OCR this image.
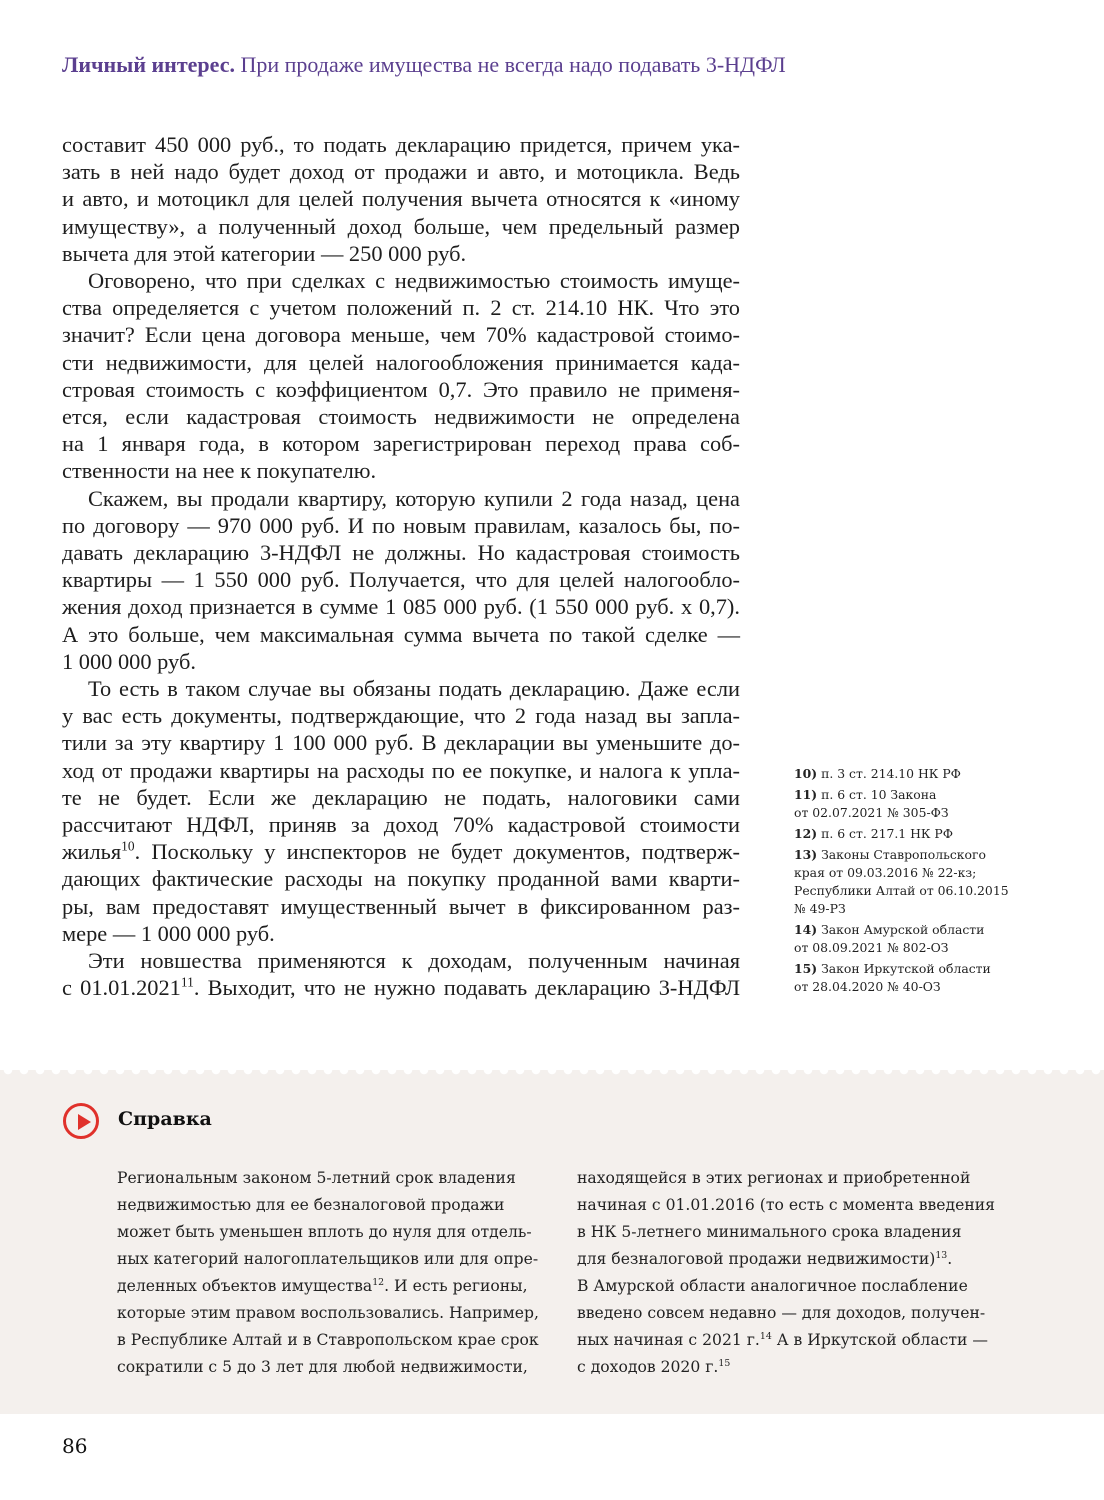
Личный интерес. При продаже имущества не всегда надо подавать 3-НДФЛ

составит 450 000 руб., то подать декларацию придется, причем ука-
зать в ней надо будет доход от продажи и авто, и мотоцикла. Ведь
и авто, и мотоцикл для целей получения вычета относятся к «иному
имуществу», а полученный доход больше, чем предельный размер
вычета для этой категории — 250 000 руб.

Оговорено, что при сделках с недвижимостью стоимость имуще-
ства определяется с учетом положений п. 2 ст. 214.10 НК. Что это
значит? Если цена договора меньше, чем 70% кадастровой стоимо-
сти недвижимости, для целей налогообложения принимается када-
стровая стоимость с коэффициентом 0,7. Это правило не применя-
ется, если кадастровая стоимость недвижимости не определена
на 1 января года, в котором зарегистрирован переход права соб-
ственности на нее к покупателю.

Скажем, вы продали квартиру, которую купили 2 года назад, цена
по договору — 970 000 руб. И по новым правилам, казалось бы, по-
давать декларацию 3-НДФЛ не должны. Но кадастровая стоимость
квартиры — 1 550 000 руб. Получается, что для целей налогообло-
жения доход признается в сумме 1 085 000 руб. (1 550 000 руб. х 0,7).
А это больше, чем максимальная сумма вычета по такой сделке —
1 000 000 руб.

То есть в таком случае вы обязаны подать декларацию. Даже если
у вас есть документы, подтверждающие, что 2 года назад вы запла-
тили за эту квартиру 1 100 000 руб. В декларации вы уменьшите до-
ход от продажи квартиры на расходы по ее покупке, и налога к упла-
те не будет. Если же декларацию не подать, налоговики сами
рассчитают НДФЛ, приняв за доход 70% кадастровой стоимости
жилья$^{10}$. Поскольку у инспекторов не будет документов, подтверж-
дающих фактические расходы на покупку проданной вами кварти-
ры, вам предоставят имущественный вычет в фиксированном раз-
мере — 1 000 000 руб.

Эти новшества применяются к доходам, полученным начиная
с 01.01.2021$^{11}$. Выходит, что не нужно подавать декларацию 3-НДФЛ

10) п. 3 ст. 214.10 НК РФ
11) п. 6 ст. 10 Закона
от 02.07.2021 № 305-ФЗ
12) п. 6 ст. 217.1 НК РФ
13) Законы Ставропольского
края от 09.03.2016 № 22-кз;
Республики Алтай от 06.10.2015
№ 49-РЗ
14) Закон Амурской области
от 08.09.2021 № 802-ОЗ
15) Закон Иркутской области
от 28.04.2020 № 40-ОЗ
Справка
Региональным законом 5-летний срок владения
недвижимостью для ее безналоговой продажи
может быть уменьшен вплоть до нуля для отдель-
ных категорий налогоплательщиков или для опре-
деленных объектов имущества$^{12}$. И есть регионы,
которые этим правом воспользовались. Например,
в Республике Алтай и в Ставропольском крае срок
сократили с 5 до 3 лет для любой недвижимости,
находящейся в этих регионах и приобретенной
начиная с 01.01.2016 (то есть с момента введения
в НК 5-летнего минимального срока владения
для безналоговой продажи недвижимости)$^{13}$.
В Амурской области аналогичное послабление
введено совсем недавно — для доходов, получен-
ных начиная с 2021 г.$^{14}$ А в Иркутской области —
с доходов 2020 г.$^{15}$
86
